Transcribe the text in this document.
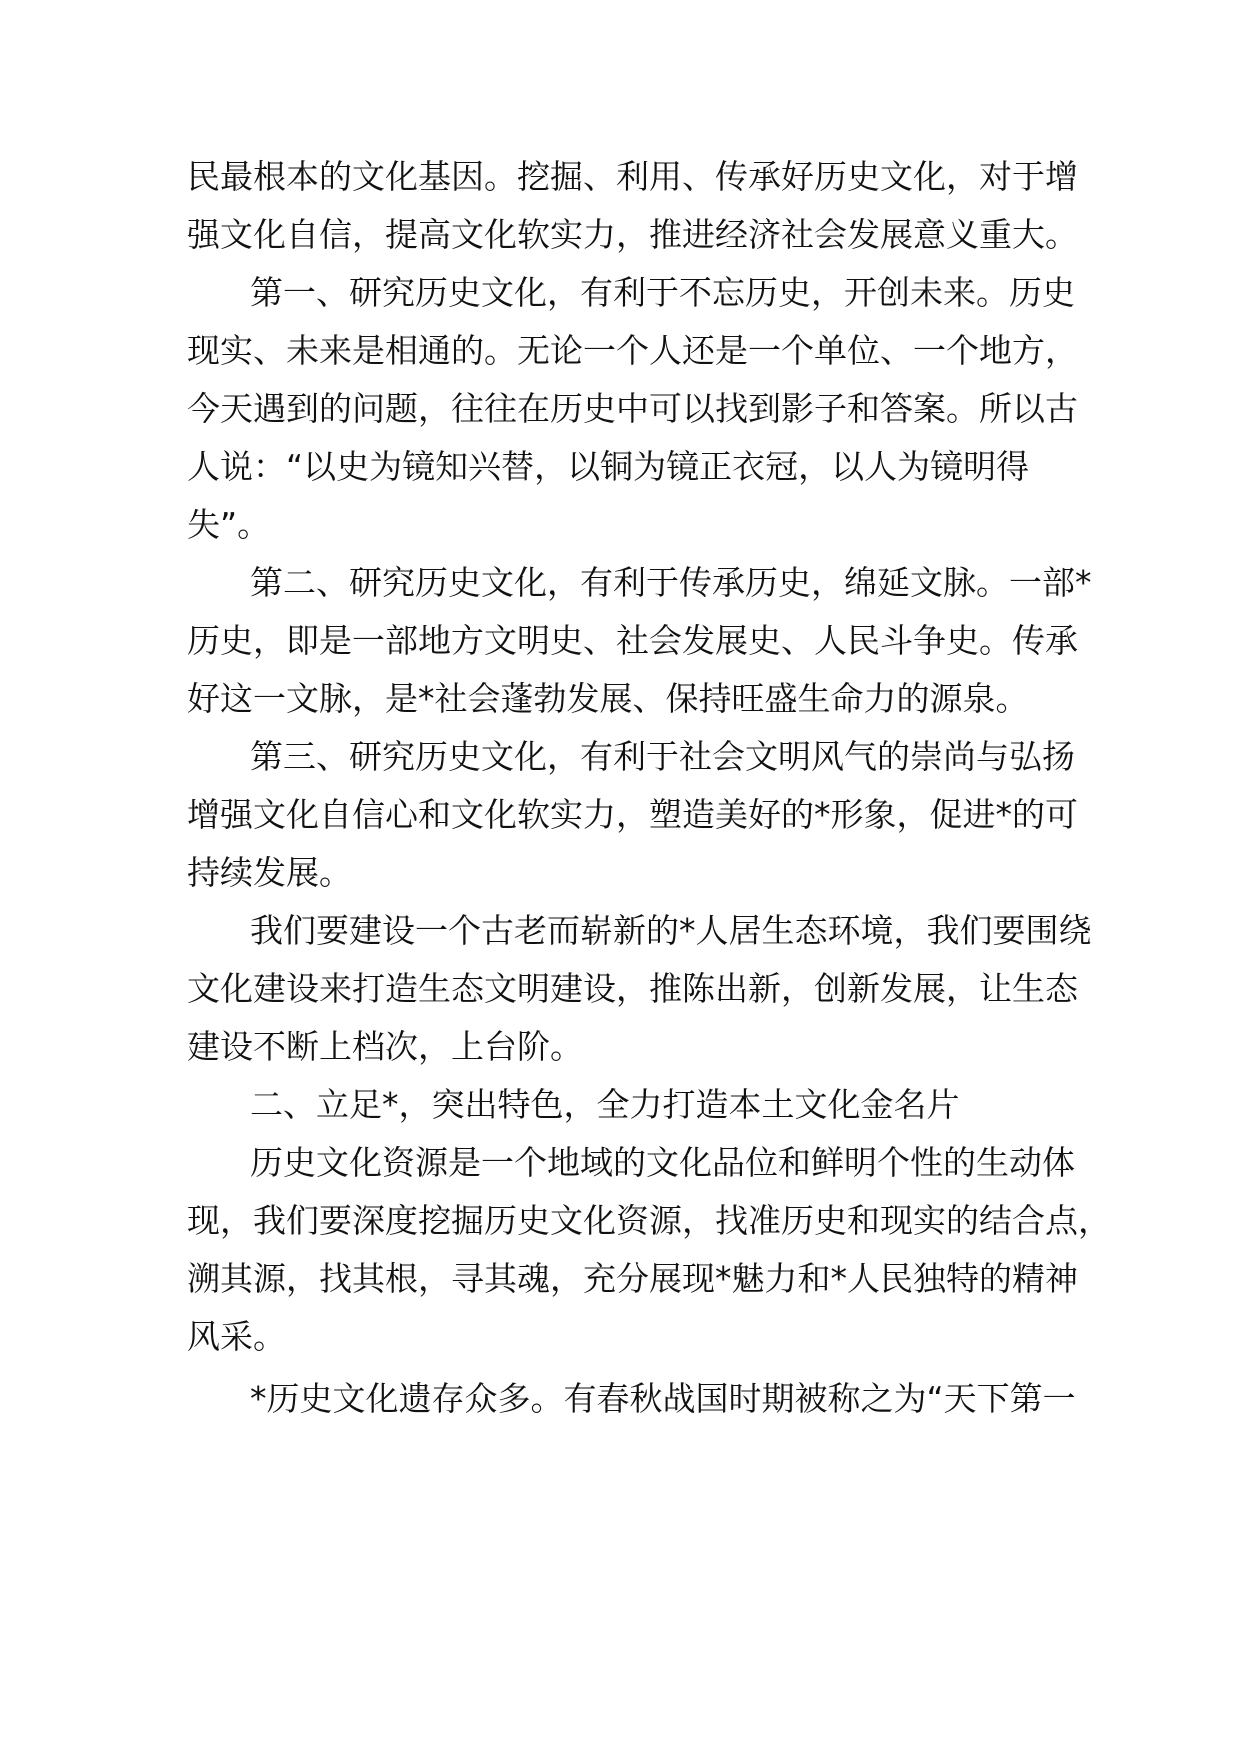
民最根本的文化基因。挖掘、利用、传承好历史文化，对于增
强文化自信，提高文化软实力，推进经济社会发展意义重大。
第一、研究历史文化，有利于不忘历史，开创未来。历史
现实、未来是相通的。无论一个人还是一个单位、一个地方，
今天遇到的问题，往往在历史中可以找到影子和答案。所以古
人说：“以史为镜知兴替，以铜为镜正衣冠，以人为镜明得
失”。
第二、研究历史文化，有利于传承历史，绵延文脉。一部*
历史，即是一部地方文明史、社会发展史、人民斗争史。传承
好这一文脉，是*社会蓬勃发展、保持旺盛生命力的源泉。
第三、研究历史文化，有利于社会文明风气的崇尚与弘扬
增强文化自信心和文化软实力，塑造美好的*形象，促进*的可
持续发展。
我们要建设一个古老而崭新的*人居生态环境，我们要围绕
文化建设来打造生态文明建设，推陈出新，创新发展，让生态
建设不断上档次，上台阶。
二、立足*，突出特色，全力打造本土文化金名片
历史文化资源是一个地域的文化品位和鲜明个性的生动体
现，我们要深度挖掘历史文化资源，找准历史和现实的结合点，
溯其源，找其根，寻其魂，充分展现*魅力和*人民独特的精神
风采。
*历史文化遗存众多。有春秋战国时期被称之为“天下第一
